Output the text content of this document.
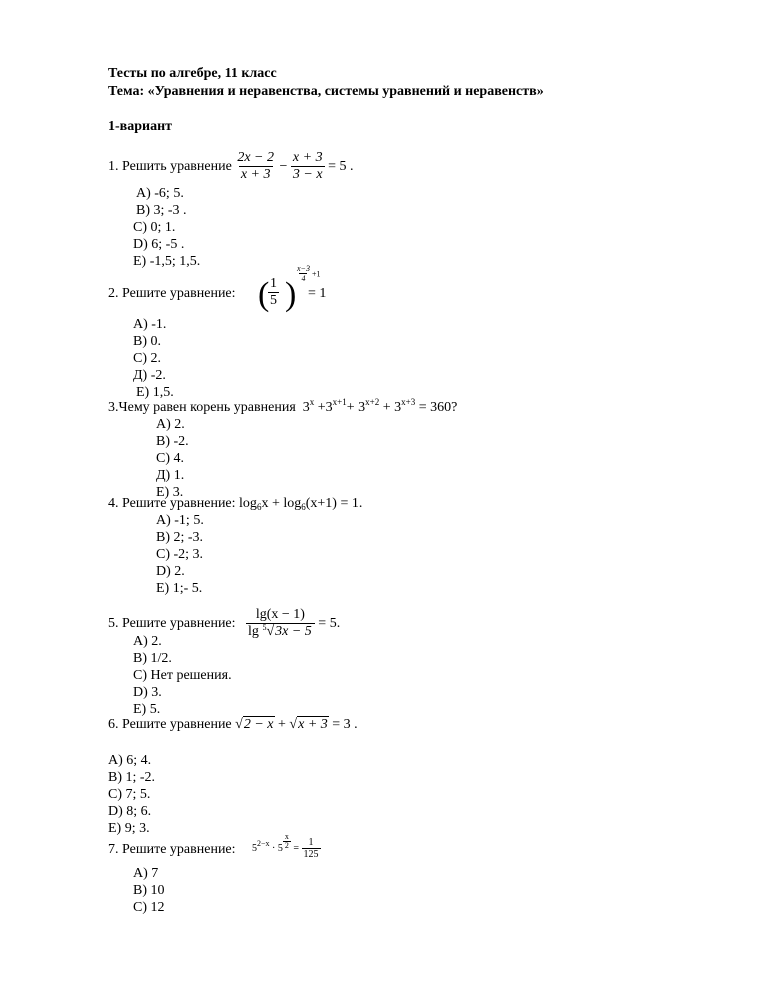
Тесты по алгебре, 11 класс
Тема: «Уравнения и неравенства, системы уравнений и неравенств»
1-вариант
1. Решить уравнение $\frac{2x - 2}{x + 3} - \frac{x + 3}{3 - x} = 5$ .
A) -6; 5.
B) 3; -3 .
C) 0; 1.
D) 6; -5 .
E) -1,5; 1,5.
2. Решите уравнение: ( 1
5 )
$\frac{x-3}{4} +1$
= 1
A) -1.
B) 0.
C) 2.
Д) -2.
E) 1,5.
3.Чему равен корень уравнения $3^x +3^{x+1}+ 3^{x+2} + 3^{x+3} = 360$?
A) 2.
B) -2.
C) 4.
Д) 1.
E) 3.
4. Решите уравнение: $\log_6x + \log_6(x+1) = 1$.
A) -1; 5.
B) 2; -3.
C) -2; 3.
D) 2.
E) 1;- 5.
5. Решите уравнение: $\frac{\lg(x - 1)}{\lg ^5√3x - 5} = 5$.
A) 2.
B) 1/2.
C) Нет решения.
D) 3.
E) 5.
6. Решите уравнение √2 − x + √x + 3 = 3 .
A) 6; 4.
B) 1; -2.
C) 7; 5.
D) 8; 6.
E) 9; 3.
7. Решите уравнение: $5^{2-x} \cdot 5 \frac{x}{2} = \frac{1}{125}$
A) 7
B) 10
C) 12
